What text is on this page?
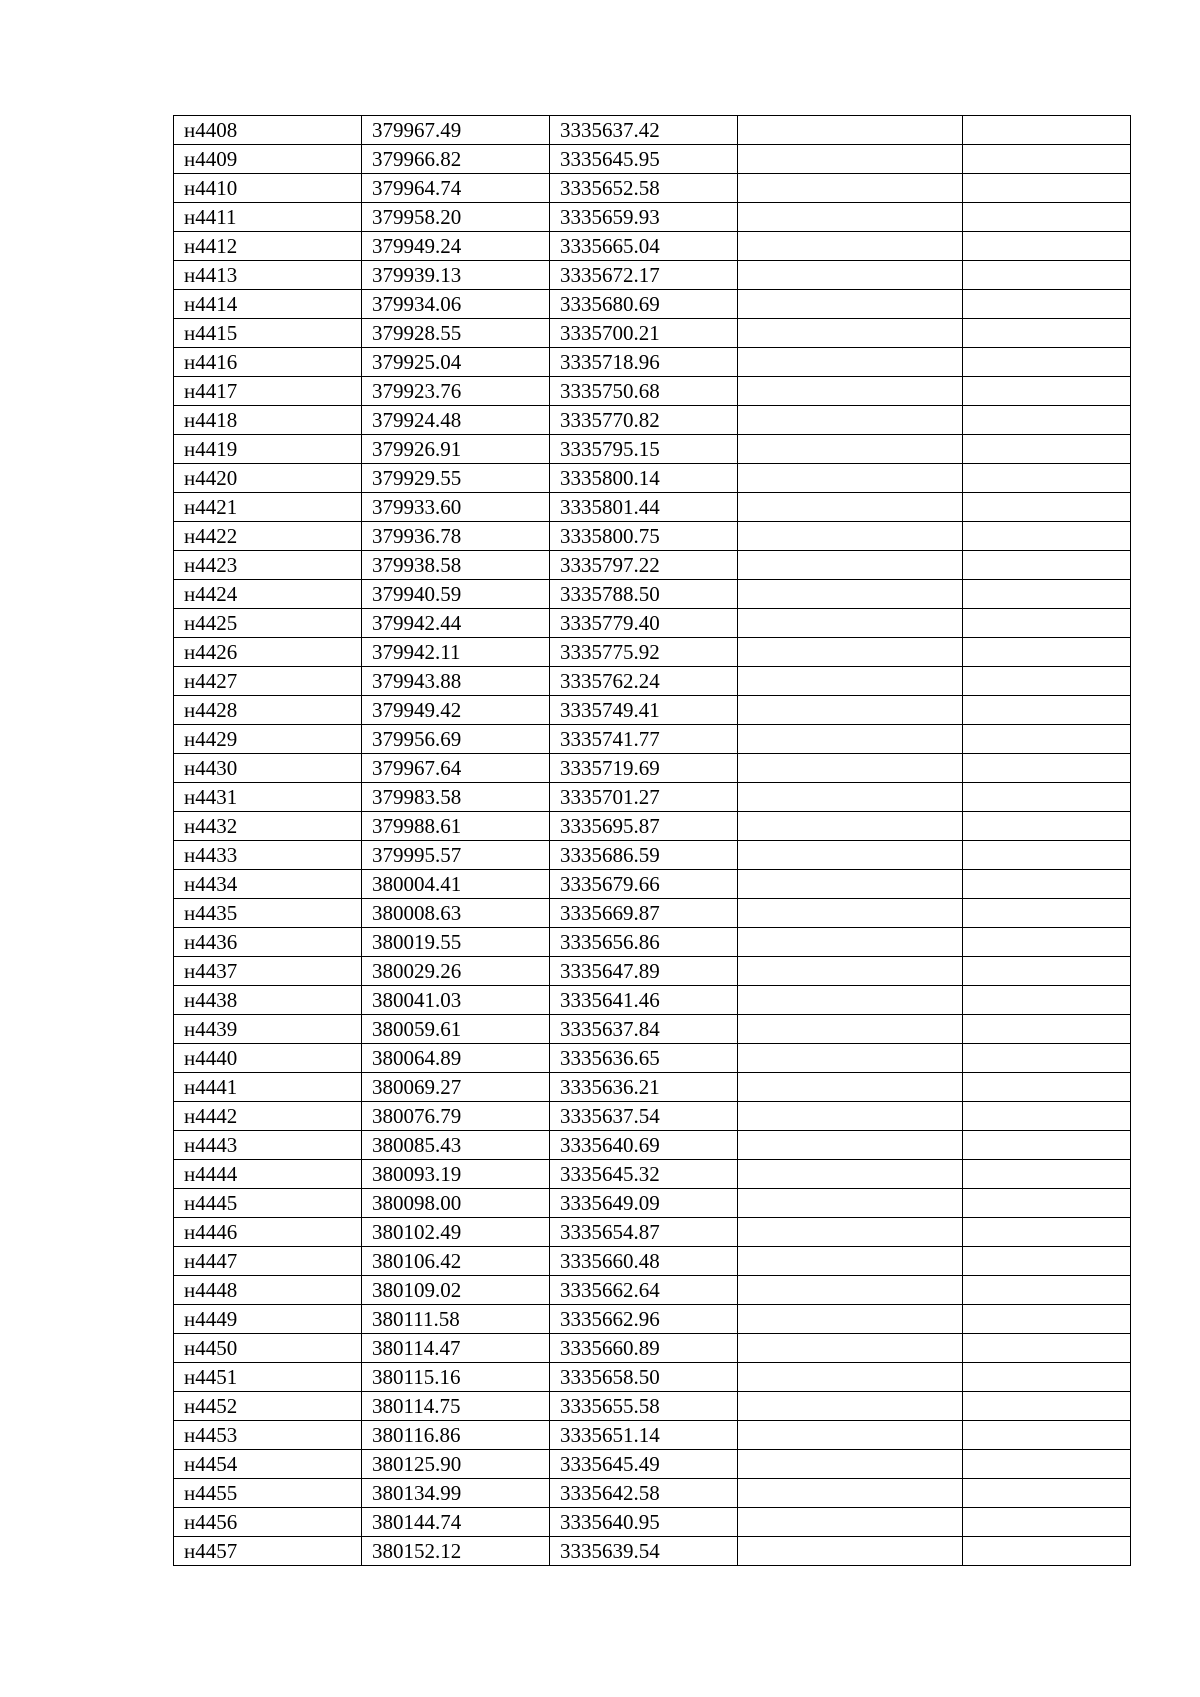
н4408	379967.49	3335637.42		
н4409	379966.82	3335645.95		
н4410	379964.74	3335652.58		
н4411	379958.20	3335659.93		
н4412	379949.24	3335665.04		
н4413	379939.13	3335672.17		
н4414	379934.06	3335680.69		
н4415	379928.55	3335700.21		
н4416	379925.04	3335718.96		
н4417	379923.76	3335750.68		
н4418	379924.48	3335770.82		
н4419	379926.91	3335795.15		
н4420	379929.55	3335800.14		
н4421	379933.60	3335801.44		
н4422	379936.78	3335800.75		
н4423	379938.58	3335797.22		
н4424	379940.59	3335788.50		
н4425	379942.44	3335779.40		
н4426	379942.11	3335775.92		
н4427	379943.88	3335762.24		
н4428	379949.42	3335749.41		
н4429	379956.69	3335741.77		
н4430	379967.64	3335719.69		
н4431	379983.58	3335701.27		
н4432	379988.61	3335695.87		
н4433	379995.57	3335686.59		
н4434	380004.41	3335679.66		
н4435	380008.63	3335669.87		
н4436	380019.55	3335656.86		
н4437	380029.26	3335647.89		
н4438	380041.03	3335641.46		
н4439	380059.61	3335637.84		
н4440	380064.89	3335636.65		
н4441	380069.27	3335636.21		
н4442	380076.79	3335637.54		
н4443	380085.43	3335640.69		
н4444	380093.19	3335645.32		
н4445	380098.00	3335649.09		
н4446	380102.49	3335654.87		
н4447	380106.42	3335660.48		
н4448	380109.02	3335662.64		
н4449	380111.58	3335662.96		
н4450	380114.47	3335660.89		
н4451	380115.16	3335658.50		
н4452	380114.75	3335655.58		
н4453	380116.86	3335651.14		
н4454	380125.90	3335645.49		
н4455	380134.99	3335642.58		
н4456	380144.74	3335640.95		
н4457	380152.12	3335639.54		
